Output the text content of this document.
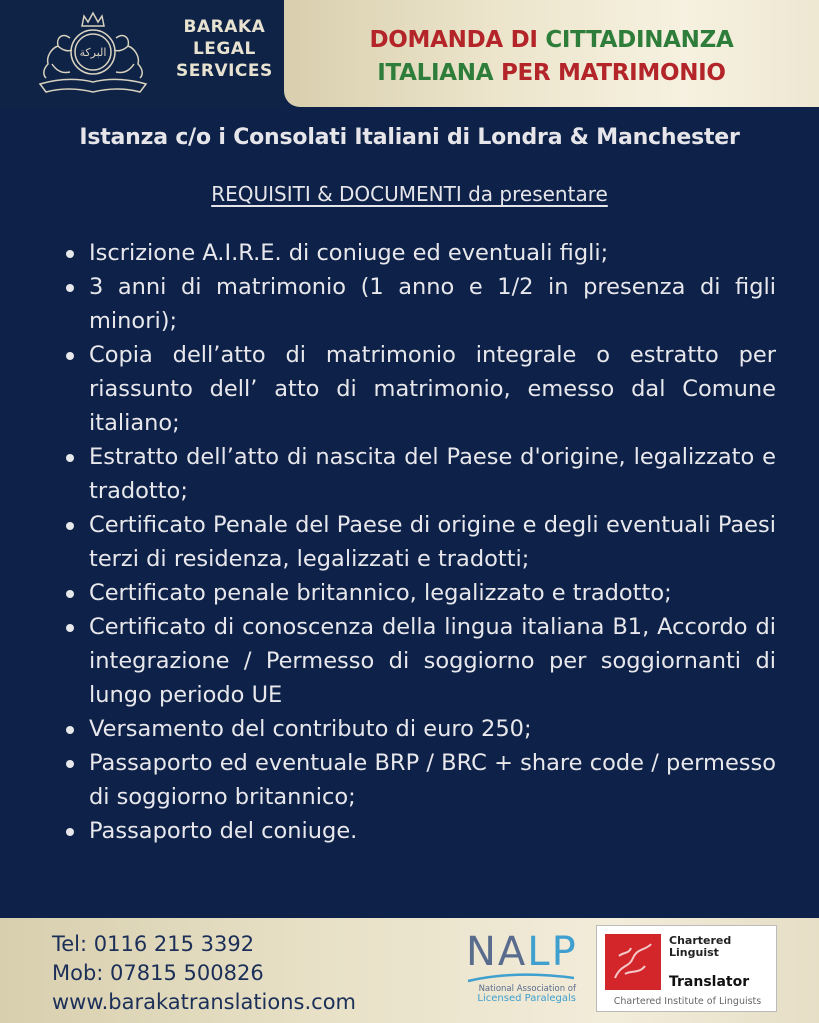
البركة
BARAKA
LEGAL
SERVICES
DOMANDA DI CITTADINANZA
ITALIANA PER MATRIMONIO
Istanza c/o i Consolati Italiani di Londra & Manchester
REQUISITI & DOCUMENTI da presentare
Iscrizione A.I.R.E. di coniuge ed eventuali figli;
3 anni di matrimonio (1 anno e 1/2 in presenza di figli minori);
Copia dell’atto di matrimonio integrale o estratto per riassunto dell’ atto di matrimonio, emesso dal Comune italiano;
Estratto dell’atto di nascita del Paese d'origine, legalizzato e tradotto;
Certificato Penale del Paese di origine e degli eventuali Paesi terzi di residenza, legalizzati e tradotti;
Certificato penale britannico, legalizzato e tradotto;
Certificato di conoscenza della lingua italiana B1, Accordo di integrazione / Permesso di soggiorno per soggiornanti di lungo periodo UE
Versamento del contributo di euro 250;
Passaporto ed eventuale BRP / BRC + share code / permesso di soggiorno britannico;
Passaporto del coniuge.
Tel: 0116 215 3392
Mob: 07815 500826
www.barakatranslations.com
NALP
National Association of
Licensed Paralegals
Chartered
Linguist
Translator
Chartered Institute of Linguists
